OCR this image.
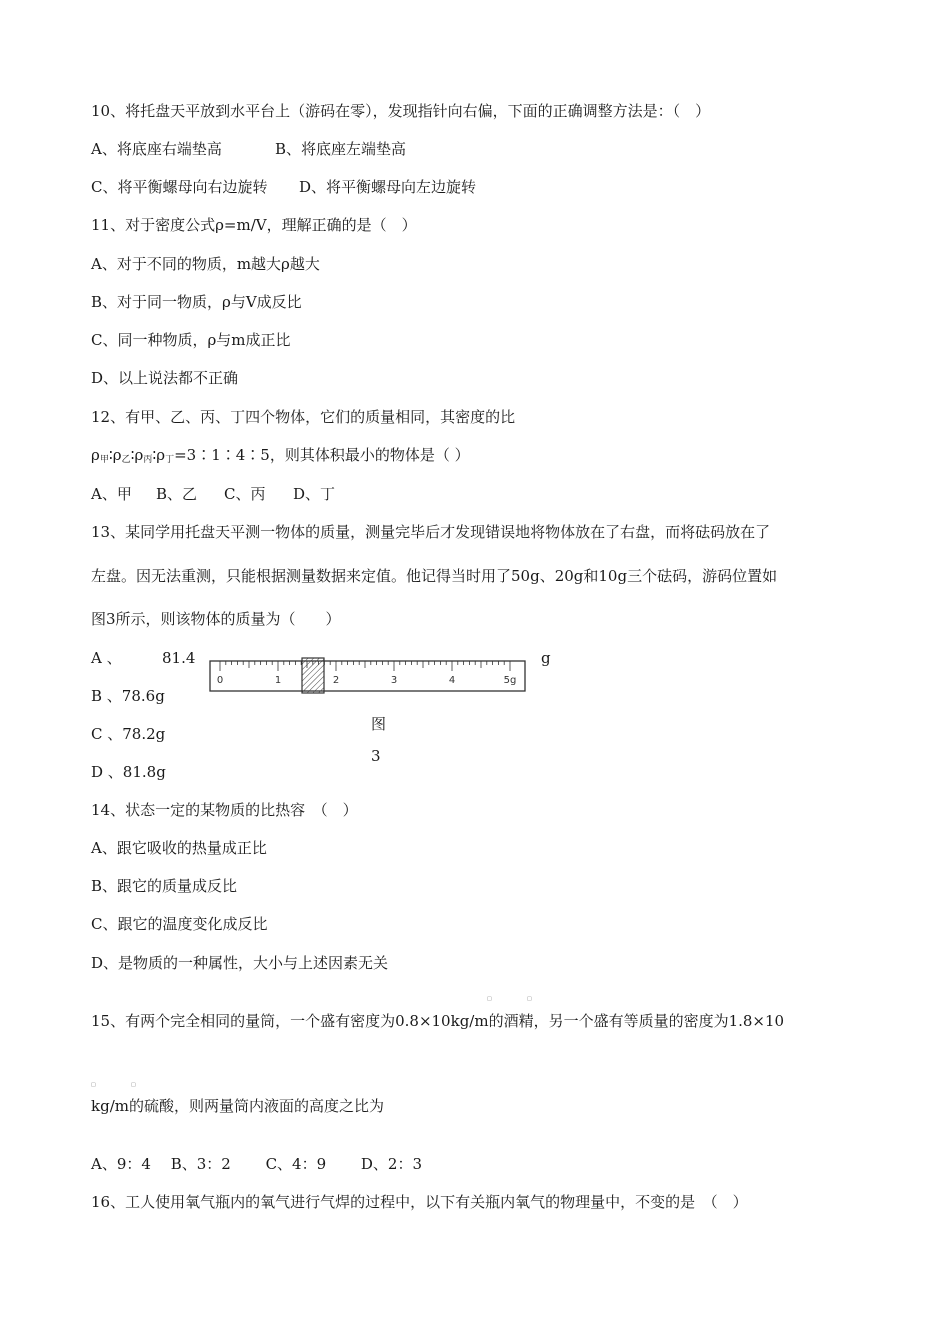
10、将托盘天平放到水平台上（游码在零），发现指针向右偏，下面的正确调整方法是：（　）
A、将底座右端垫高	B、将底座左端垫高
C、将平衡螺母向右边旋转 D、将平衡螺母向左边旋转
11、对于密度公式ρ=m/V，理解正确的是（　）
A、对于不同的物质，m越大ρ越大
B、对于同一物质，ρ与V成反比
C、同一种物质，ρ与m成正比
D、以上说法都不正确
12、有甲、乙、丙、丁四个物体，它们的质量相同，其密度的比
$\rho_甲∶\rho_乙∶\rho_丙∶\rho_丁=3∶1∶4∶5$，则其体积最小的物体是（ ）
A、甲 B、乙 C、丙 D、丁
13、某同学用托盘天平测一物体的质量，测量完毕后才发现错误地将物体放在了右盘，而将砝码放在了
左盘。因无法重测，只能根据测量数据来定值。他记得当时用了50g、20g和10g三个砝码，游码位置如
图3所示，则该物体的质量为（　　）
A 、	81.4	g
0	1	2	3	4	5g
B 、78.6g
C 、78.2g
D 、81.8g
图
3
14、状态一定的某物质的比热容　（　）
A、跟它吸收的热量成正比
B、跟它的质量成反比
C、跟它的温度变化成反比
D、是物质的一种属性，大小与上述因素无关
□	□
15、有两个完全相同的量筒，一个盛有密度为0.8×10kg/m的酒精，另一个盛有等质量的密度为1.8×10
□	□
kg/m的硫酸，则两量筒内液面的高度之比为
A、9：4　 B、3：2　　 C、4：9　　 D、2：3
16、工人使用氧气瓶内的氧气进行气焊的过程中，以下有关瓶内氧气的物理量中，不变的是　（　）
